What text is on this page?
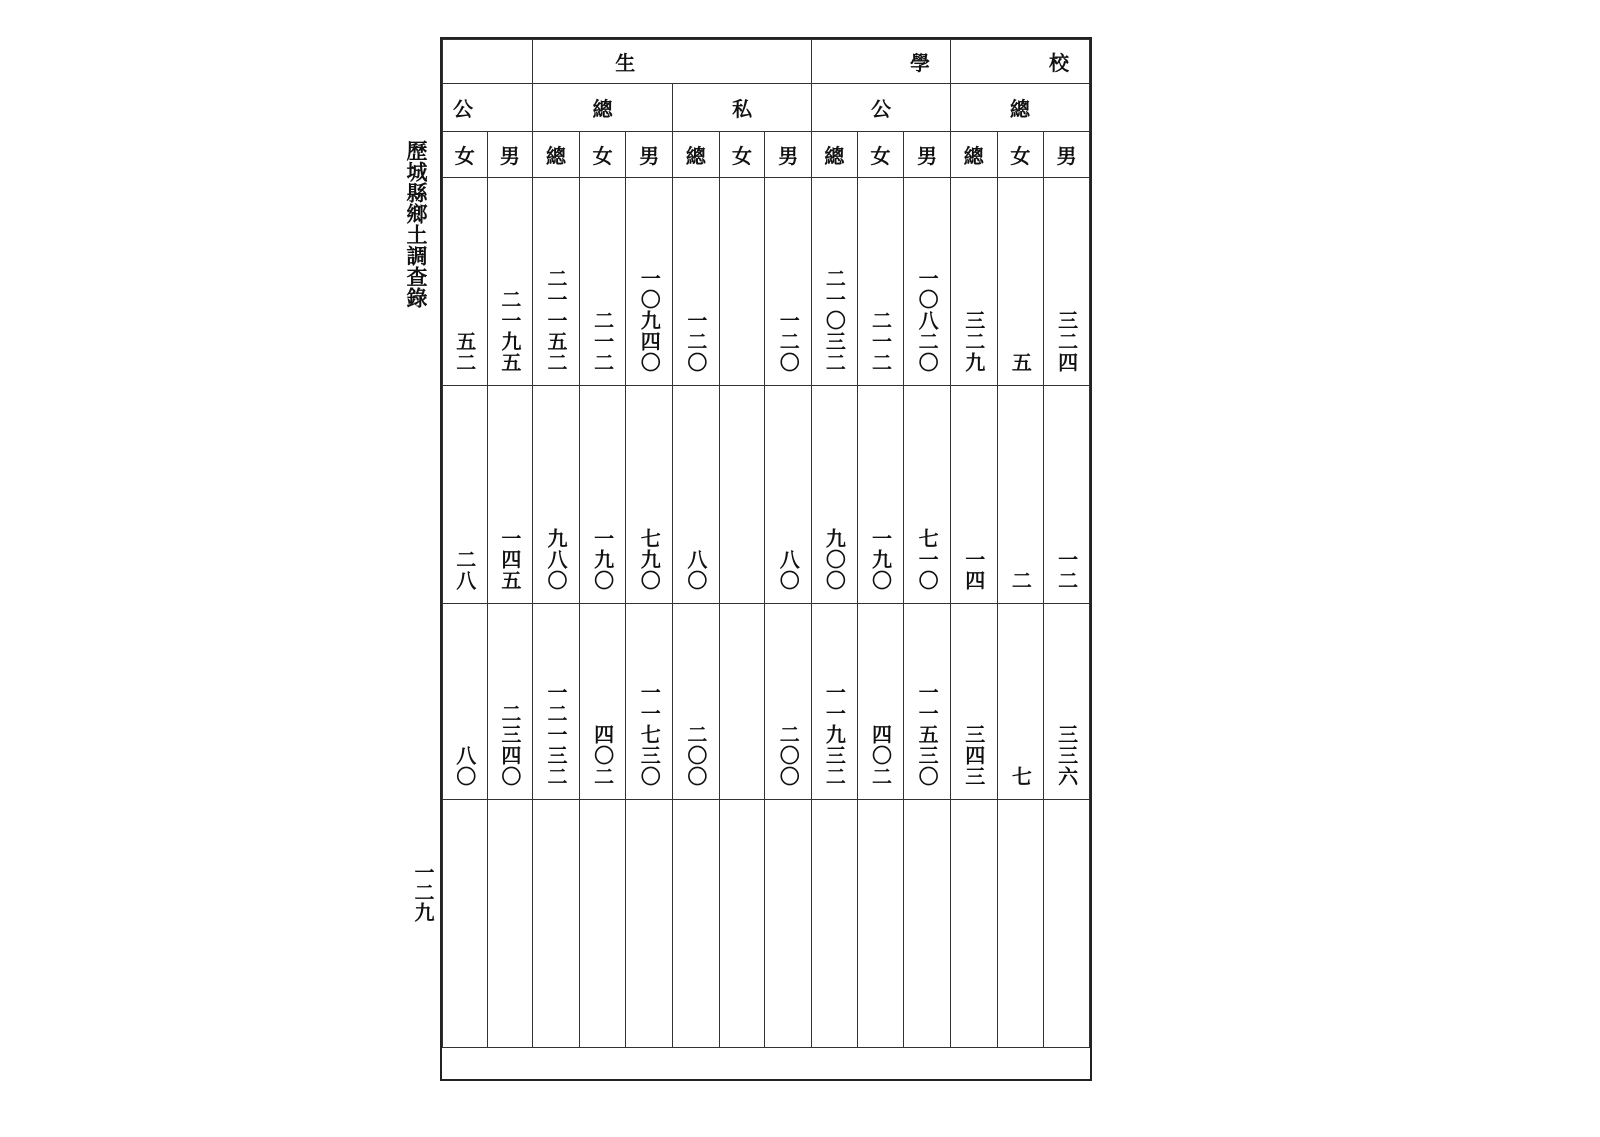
歷城縣鄉土調查錄
一二九
		生						學			校		
公		總			私			公			總		
女	男	總	女	男	總	女	男	總	女	男	總	女	男
五二	二一九五	二一一五二	二一二	一〇九四〇	一二〇		一二〇	二一〇三二	二一二	一〇八二〇	三二九	五	三二四
二八	一四五	九八〇	一九〇	七九〇	八〇		八〇	九〇〇	一九〇	七一〇	一四	二	一二
八〇	二三四〇	一二一三二	四〇二	一一七三〇	二〇〇		二〇〇	一一九三二	四〇二	一一五三〇	三四三	七	三三六
